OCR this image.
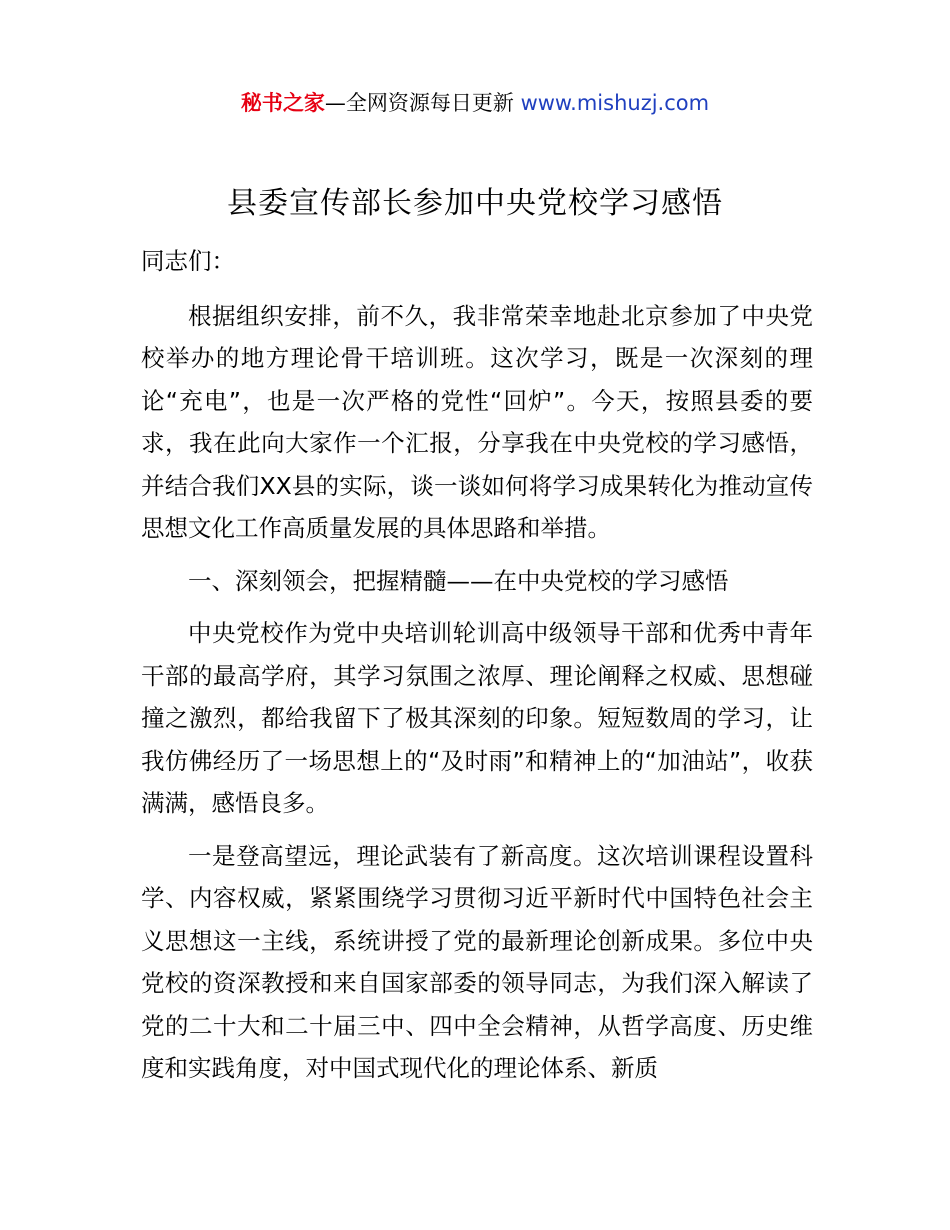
秘书之家—全网资源每日更新 www.mishuzj.com
县委宣传部长参加中央党校学习感悟

同志们：

根据组织安排，前不久，我非常荣幸地赴北京参加了中央党校举办的地方理论骨干培训班。这次学习，既是一次深刻的理论“充电”，也是一次严格的党性“回炉”。今天，按照县委的要求，我在此向大家作一个汇报，分享我在中央党校的学习感悟，并结合我们XX县的实际，谈一谈如何将学习成果转化为推动宣传思想文化工作高质量发展的具体思路和举措。

一、深刻领会，把握精髓——在中央党校的学习感悟

中央党校作为党中央培训轮训高中级领导干部和优秀中青年干部的最高学府，其学习氛围之浓厚、理论阐释之权威、思想碰撞之激烈，都给我留下了极其深刻的印象。短短数周的学习，让我仿佛经历了一场思想上的“及时雨”和精神上的“加油站”，收获满满，感悟良多。

一是登高望远，理论武装有了新高度。这次培训课程设置科学、内容权威，紧紧围绕学习贯彻习近平新时代中国特色社会主义思想这一主线，系统讲授了党的最新理论创新成果。多位中央党校的资深教授和来自国家部委的领导同志，为我们深入解读了党的二十大和二十届三中、四中全会精神，从哲学高度、历史维度和实践角度，对中国式现代化的理论体系、新质
